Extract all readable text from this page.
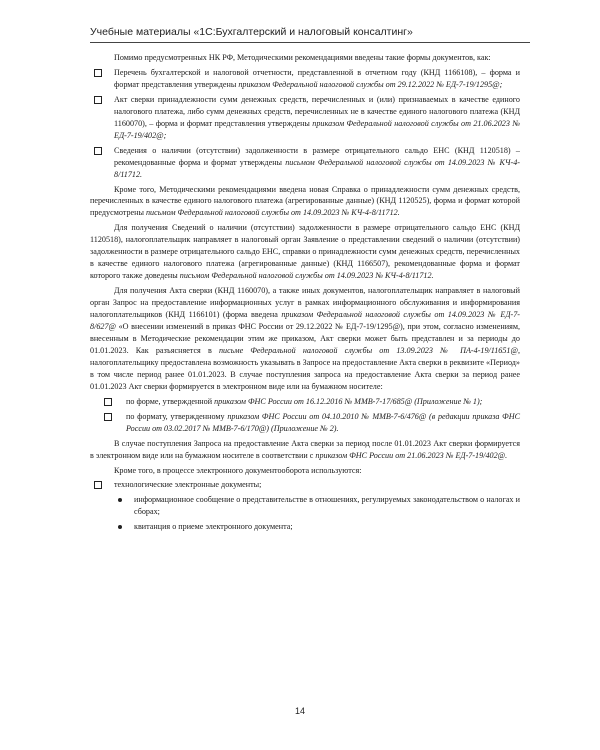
Учебные материалы «1С:Бухгалтерский и налоговый консалтинг»

Помимо предусмотренных НК РФ, Методическими рекомендациями введены такие формы документов, как:

Перечень бухгалтерской и налоговой отчетности, представленной в отчетном году (КНД 1166108), – форма и формат представления утверждены приказом Федеральной налоговой службы от 29.12.2022 № ЕД-7-19/1295@;
Акт сверки принадлежности сумм денежных средств, перечисленных и (или) признаваемых в качестве единого налогового платежа, либо сумм денежных средств, перечисленных не в качестве единого налогового платежа (КНД 1160070), – форма и формат представления утверждены приказом Федеральной налоговой службы от 21.06.2023 № ЕД-7-19/402@;
Сведения о наличии (отсутствии) задолженности в размере отрицательного сальдо ЕНС (КНД 1120518) – рекомендованные форма и формат утверждены письмом Федеральной налоговой службы от 14.09.2023 № КЧ-4-8/11712.

Кроме того, Методическими рекомендациями введена новая Справка о принадлежности сумм денежных средств, перечисленных в качестве единого налогового платежа (агрегированные данные) (КНД 1120525), форма и формат которой предусмотрены письмом Федеральной налоговой службы от 14.09.2023 № КЧ-4-8/11712.

Для получения Сведений о наличии (отсутствии) задолженности в размере отрицательного сальдо ЕНС (КНД 1120518), налогоплательщик направляет в налоговый орган Заявление о представлении сведений о наличии (отсутствии) задолженности в размере отрицательного сальдо ЕНС, справки о принадлежности сумм денежных средств, перечисленных в качестве единого налогового платежа (агрегированные данные) (КНД 1166507), рекомендованные форма и формат которого также доведены письмом Федеральной налоговой службы от 14.09.2023 № КЧ-4-8/11712.

Для получения Акта сверки (КНД 1160070), а также иных документов, налогоплательщик направляет в налоговый орган Запрос на предоставление информационных услуг в рамках информационного обслуживания и информирования налогоплательщиков (КНД 1166101) (форма введена приказом Федеральной налоговой службы от 14.09.2023 № ЕД-7-8/627@ «О внесении изменений в приказ ФНС России от 29.12.2022 № ЕД-7-19/1295@), при этом, согласно изменениям, внесенным в Методические рекомендации этим же приказом, Акт сверки может быть представлен и за периоды до 01.01.2023. Как разъясняется в письме Федеральной налоговой службы от 13.09.2023 № ПА-4-19/11651@, налогоплательщику предоставлена возможность указывать в Запросе на предоставление Акта сверки в реквизите «Период» в том числе период ранее 01.01.2023. В случае поступления запроса на предоставление Акта сверки за период ранее 01.01.2023 Акт сверки формируется в электронном виде или на бумажном носителе:

по форме, утвержденной приказом ФНС России от 16.12.2016 № ММВ-7-17/685@ (Приложение № 1);
по формату, утвержденному приказом ФНС России от 04.10.2010 № ММВ-7-6/476@ (в редакции приказа ФНС России от 03.02.2017 № ММВ-7-6/170@) (Приложение № 2).

В случае поступления Запроса на предоставление Акта сверки за период после 01.01.2023 Акт сверки формируется в электронном виде или на бумажном носителе в соответствии с приказом ФНС России от 21.06.2023 № ЕД-7-19/402@.

Кроме того, в процессе электронного документооборота используются:

технологические электронные документы;
информационное сообщение о представительстве в отношениях, регулируемых законодательством о налогах и сборах;
квитанция о приеме электронного документа;
14
